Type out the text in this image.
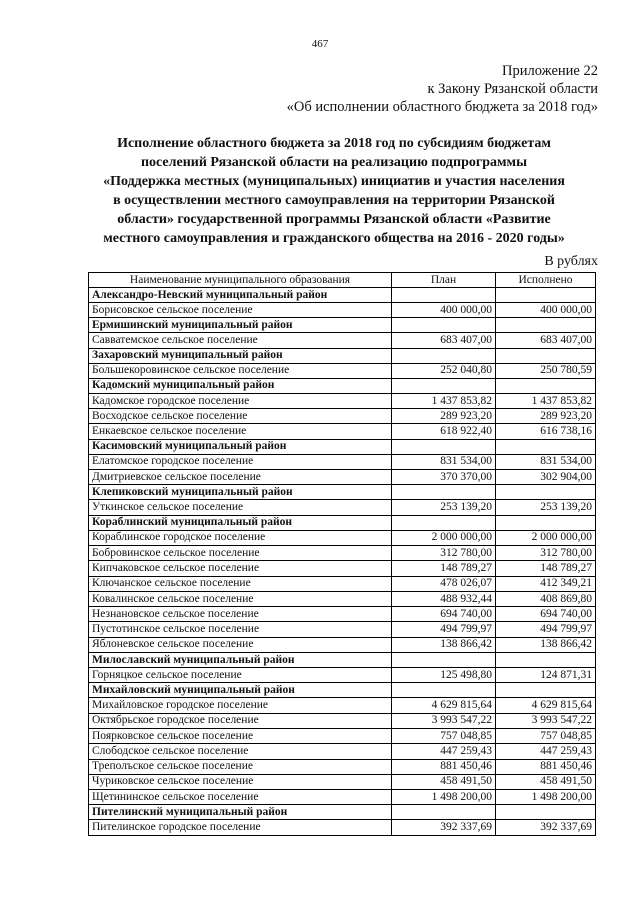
467
Приложение 22
к Закону Рязанской области
«Об исполнении областного бюджета за 2018 год»
Исполнение областного бюджета за 2018 год по субсидиям бюджетам
поселений Рязанской области на реализацию подпрограммы
«Поддержка местных (муниципальных) инициатив и участия населения
в осуществлении местного самоуправления на территории Рязанской
области» государственной программы Рязанской области «Развитие
местного самоуправления и гражданского общества на 2016 - 2020 годы»
В рублях
Наименование муниципального образования	План	Исполнено
Александро-Невский муниципальный район		
Борисовское сельское поселение	400 000,00	400 000,00
Ермишинский муниципальный район		
Савватемское сельское поселение	683 407,00	683 407,00
Захаровский муниципальный район		
Большекоровинское сельское поселение	252 040,80	250 780,59
Кадомский муниципальный район		
Кадомское городское поселение	1 437 853,82	1 437 853,82
Восходское сельское поселение	289 923,20	289 923,20
Енкаевское сельское поселение	618 922,40	616 738,16
Касимовский муниципальный район		
Елатомское городское поселение	831 534,00	831 534,00
Дмитриевское сельское поселение	370 370,00	302 904,00
Клепиковский муниципальный район		
Уткинское сельское поселение	253 139,20	253 139,20
Кораблинский муниципальный район		
Кораблинское городское поселение	2 000 000,00	2 000 000,00
Бобровинское сельское поселение	312 780,00	312 780,00
Кипчаковское сельское поселение	148 789,27	148 789,27
Ключанское сельское поселение	478 026,07	412 349,21
Ковалинское сельское поселение	488 932,44	408 869,80
Незнановское сельское поселение	694 740,00	694 740,00
Пустотинское сельское поселение	494 799,97	494 799,97
Яблоневское сельское поселение	138 866,42	138 866,42
Милославский муниципальный район		
Горняцкое сельское поселение	125 498,80	124 871,31
Михайловский муниципальный район		
Михайловское городское поселение	4 629 815,64	4 629 815,64
Октябрьское городское поселение	3 993 547,22	3 993 547,22
Поярковское сельское поселение	757 048,85	757 048,85
Слободское сельское поселение	447 259,43	447 259,43
Треполъское сельское поселение	881 450,46	881 450,46
Чуриковское сельское поселение	458 491,50	458 491,50
Щетининское сельское поселение	1 498 200,00	1 498 200,00
Пителинский муниципальный район		
Пителинское городское поселение	392 337,69	392 337,69
